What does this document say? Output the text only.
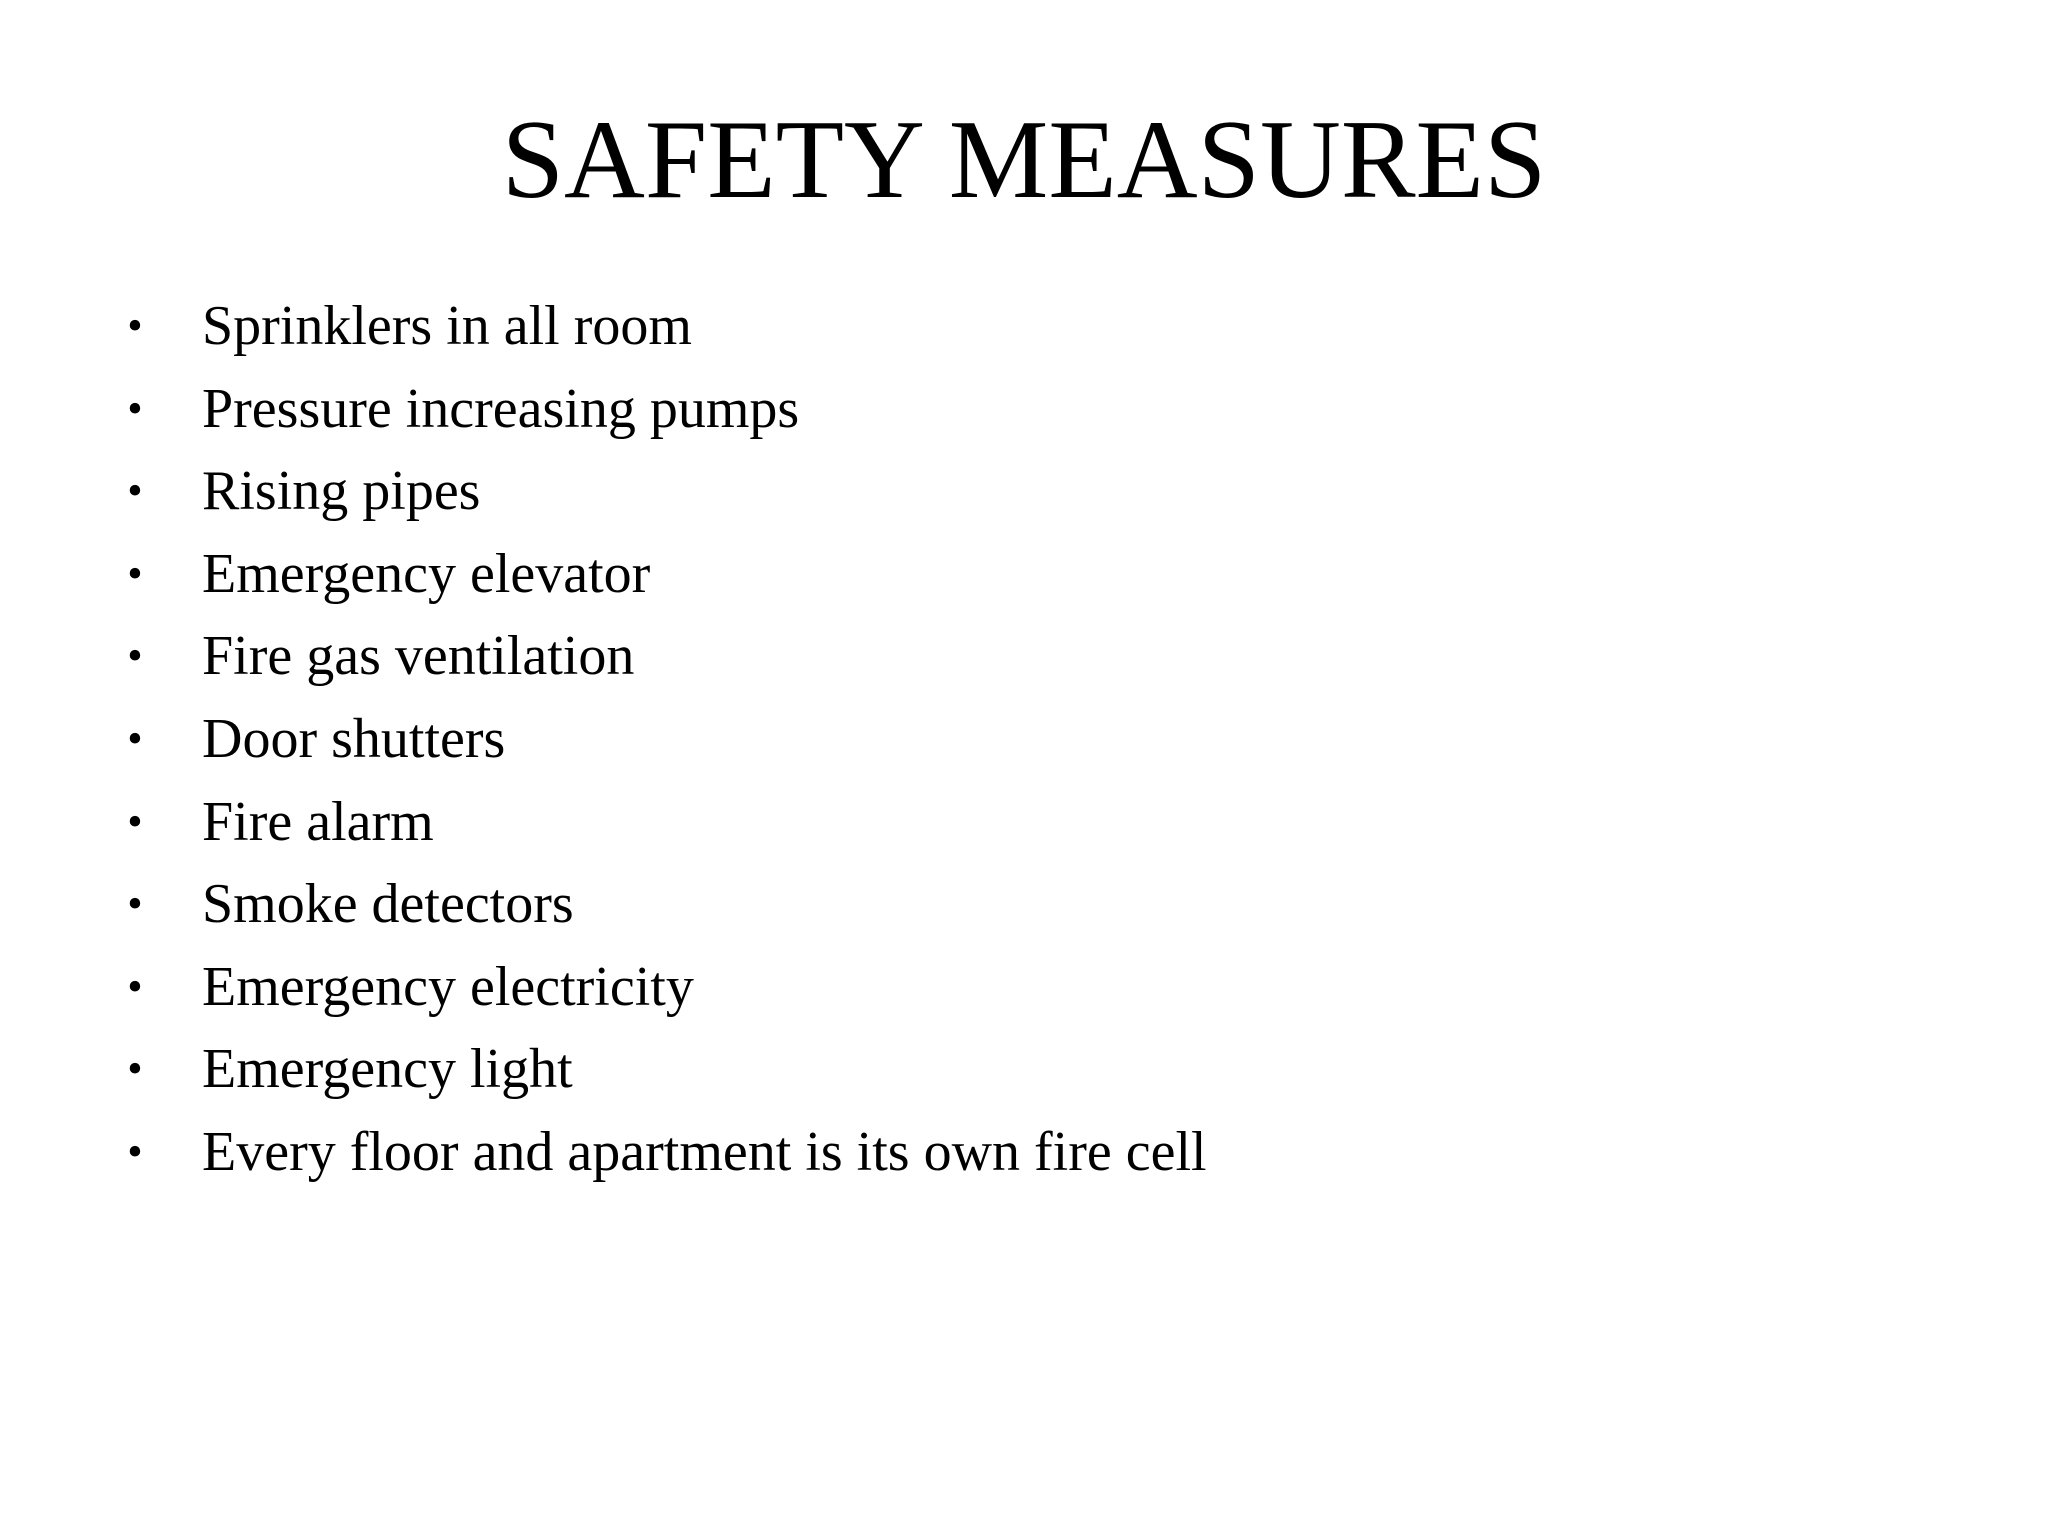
SAFETY MEASURES
• Sprinklers in all room
• Pressure increasing pumps
• Rising pipes
• Emergency elevator
• Fire gas ventilation
• Door shutters
• Fire alarm
• Smoke detectors
• Emergency electricity
• Emergency light
• Every floor and apartment is its own fire cell
